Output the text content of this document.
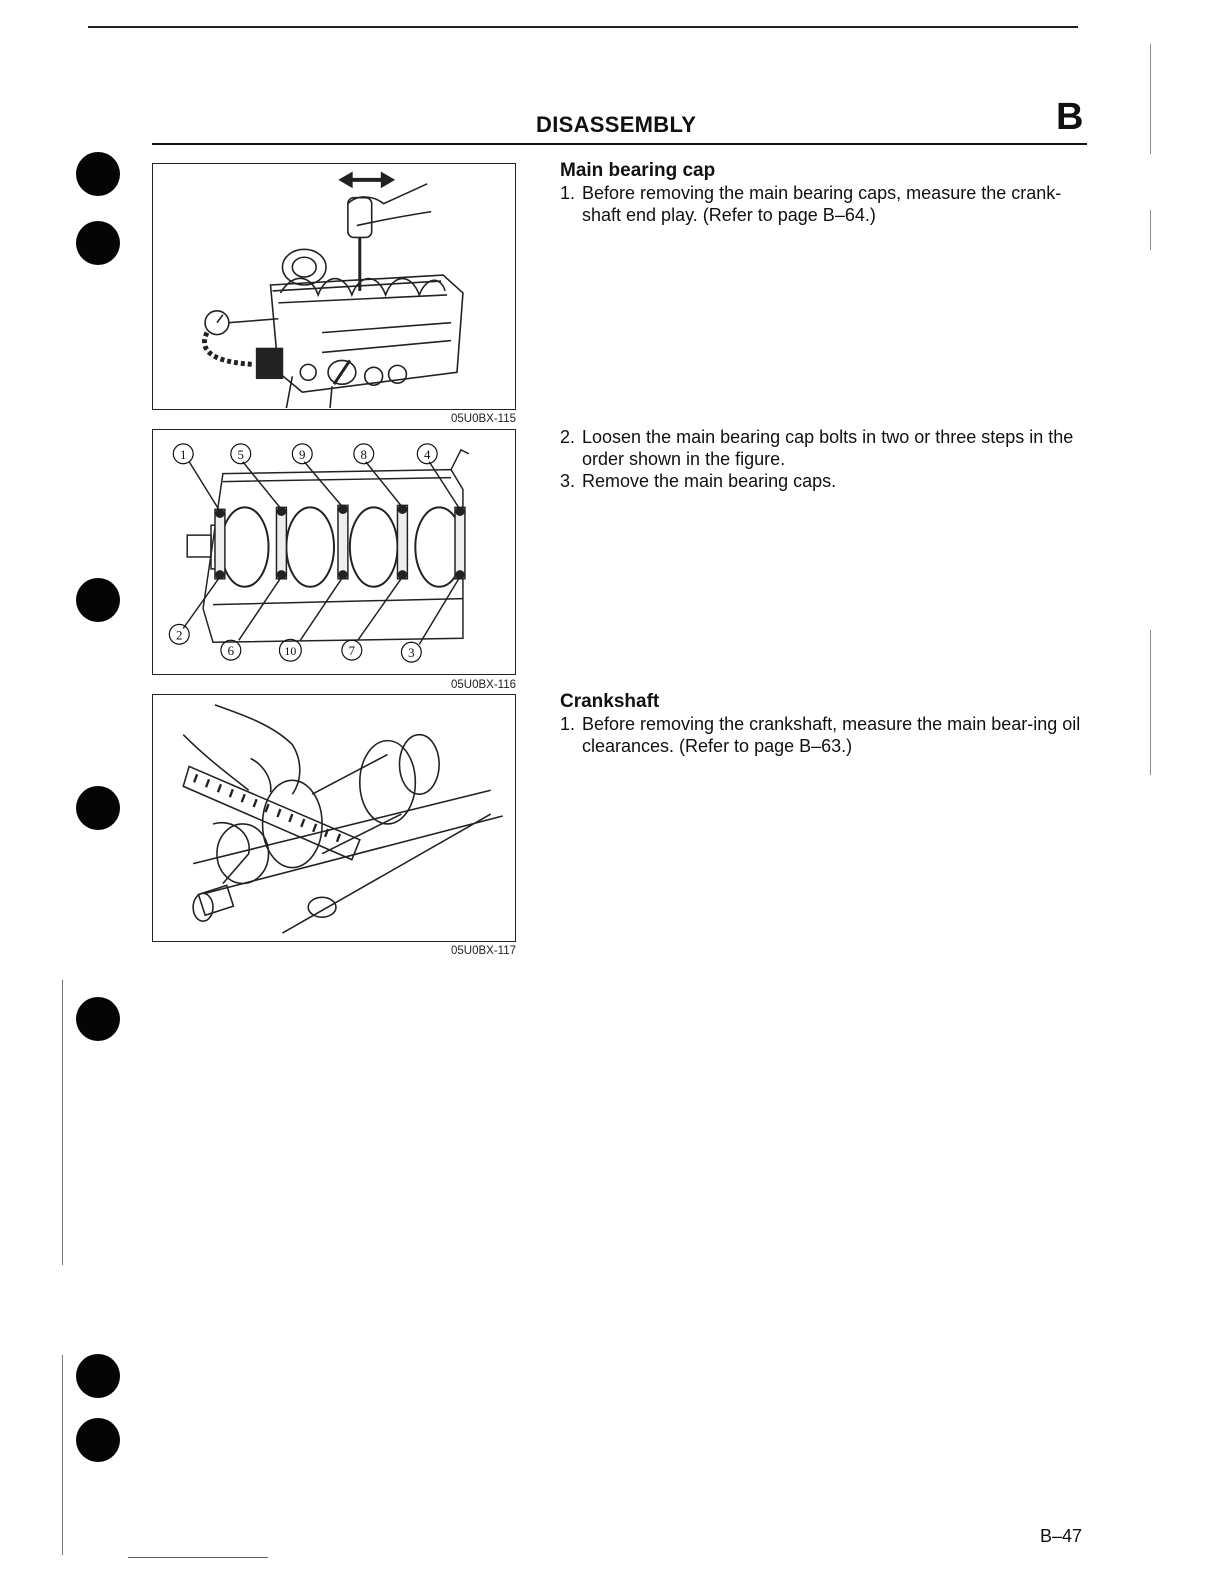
DISASSEMBLY	B
05U0BX-115
1	5	9	8	4
2
6	10	7	3
05U0BX-116
05U0BX-117
Main bearing cap
1. Before removing the main bearing caps, measure the crank-shaft end play. (Refer to page B–64.)
2. Loosen the main bearing cap bolts in two or three steps in the order shown in the figure.
3. Remove the main bearing caps.
Crankshaft
1. Before removing the crankshaft, measure the main bear-ing oil clearances. (Refer to page B–63.)
B–47
